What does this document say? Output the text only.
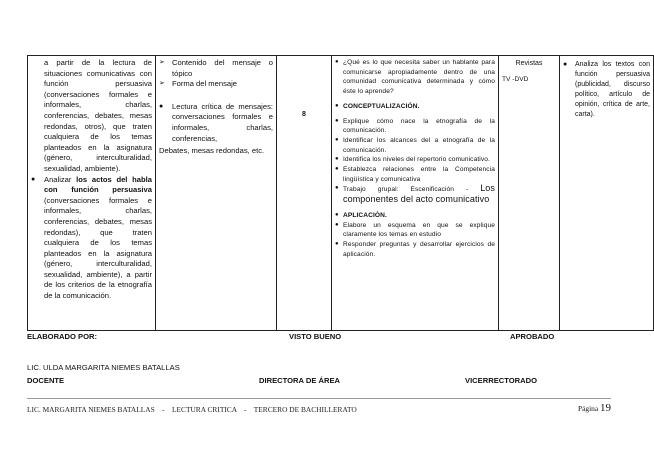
a partir de la lectura de situaciones comunicativas con función persuasiva (conversaciones formales e informales, charlas, conferencias, debates, mesas redondas, otros), que traten cualquiera de los temas planteados en la asignatura (género, interculturalidad, sexualidad, ambiente).
● Analizar los actos del habla con función persuasiva (conversaciones formales e informales, charlas, conferencias, debates, mesas redondas), que traten cualquiera de los temas planteados en la asignatura (género, interculturalidad, sexualidad, ambiente), a partir de los criterios de la etnografía de la comunicación.

➢ Contenido del mensaje o tópico
➢ Forma del mensaje
● Lectura crítica de mensajes: conversaciones formales e informales, charlas, conferencias,
Debates, mesas redondas, etc.

8

● ¿Qué es lo que necesita saber un hablante para comunicarse apropiadamente dentro de una comunidad comunicativa determinada y cómo éste lo aprende?
● CONCEPTUALIZACIÓN.
● Explique cómo nace la etnografía de la comunicación.
● Identificar los alcances del a etnografía de la comunicación.
● Identifica los niveles del repertorio comunicativo.
● Establezca relaciones entre la Competencia lingüística y comunicativa
● Trabajo grupal: Escenificación - Los componentes del acto comunicativo
● APLICACIÓN.
● Elabore un esquema en que se explique claramente los temas en estudio
● Responder preguntas y desarrollar ejercicios de aplicación.

Revistas
TV -DVD

● Analiza los textos con función persuasiva (publicidad, discurso político, artículo de opinión, crítica de arte, carta).
ELABORADO POR:	VISTO BUENO	APROBADO
LIC. ULDA MARGARITA NIEMES BATALLAS
DOCENTE	DIRECTORA DE ÁREA	VICERRECTORADO
LIC. MARGARITA NIEMES BATALLAS    -    LECTURA CRITICA    -    TERCERO DE BACHILLERATO	Página 19
